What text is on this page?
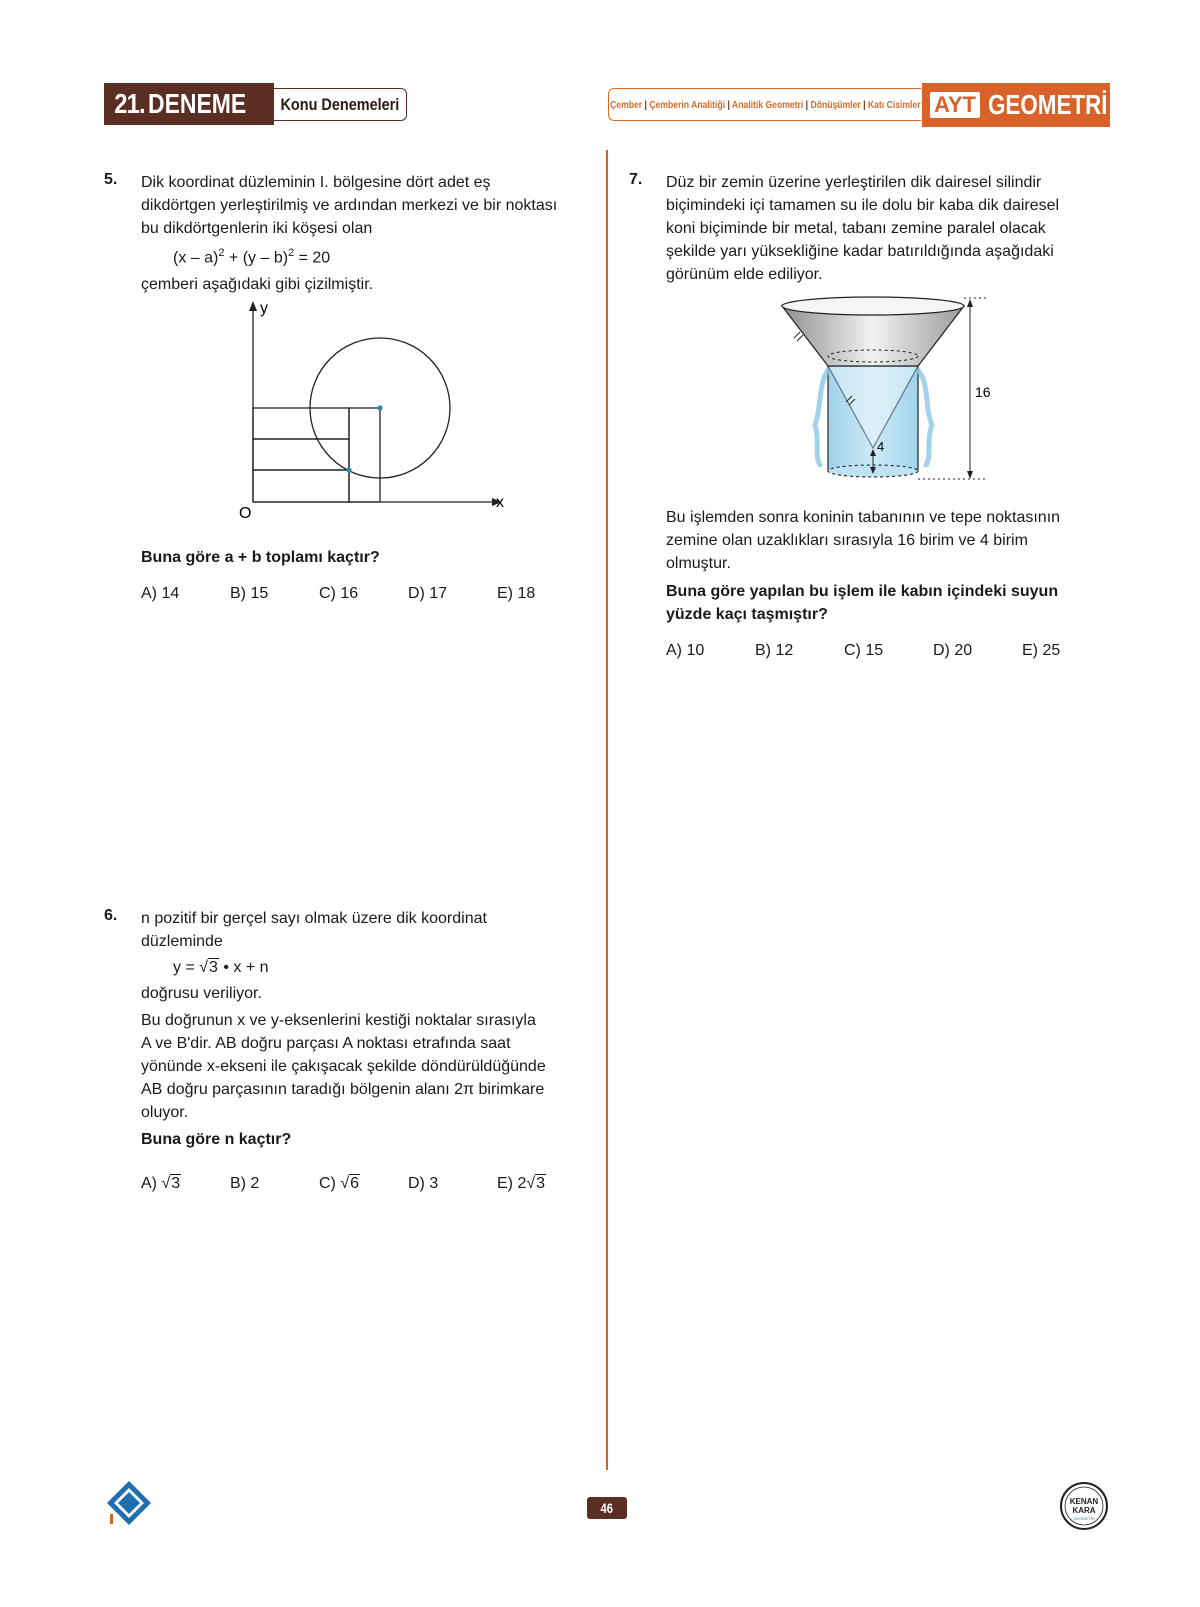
21. DENEME Konu Denemeleri	Çember | Çemberin Analitiği | Analitik Geometri | Dönüşümler | Katı Cisimler AYT GEOMETRİ
5. Dik koordinat düzleminin I. bölgesine dört adet eş
dikdörtgen yerleştirilmiş ve ardından merkezi ve bir noktası
bu dikdörtgenlerin iki köşesi olan
(x – a)$^2$ + (y – b)$^2$ = 20
çemberi aşağıdaki gibi çizilmiştir.
y
x
O
Buna göre a + b toplamı kaçtır?
A) 14	B) 15	C) 16	D) 17	E) 18
6. n pozitif bir gerçel sayı olmak üzere dik koordinat
düzleminde
y = √3 • x + n
doğrusu veriliyor.
Bu doğrunun x ve y-eksenlerini kestiği noktalar sırasıyla
A ve B'dir. AB doğru parçası A noktası etrafında saat
yönünde x-ekseni ile çakışacak şekilde döndürüldüğünde
AB doğru parçasının taradığı bölgenin alanı 2π birimkare
oluyor.
Buna göre n kaçtır?
A) √3	B) 2	C) √6	D) 3	E) 2√3
7. Düz bir zemin üzerine yerleştirilen dik dairesel silindir
biçimindeki içi tamamen su ile dolu bir kaba dik dairesel
koni biçiminde bir metal, tabanı zemine paralel olacak
şekilde yarı yüksekliğine kadar batırıldığında aşağıdaki
görünüm elde ediliyor.
4
16
Bu işlemden sonra koninin tabanının ve tepe noktasının
zemine olan uzaklıkları sırasıyla 16 birim ve 4 birim
olmuştur.
Buna göre yapılan bu işlem ile kabın içindeki suyun
yüzde kaçı taşmıştır?
A) 10	B) 12	C) 15	D) 20	E) 25
46	KENAN
KARA
GEOMETRİ
